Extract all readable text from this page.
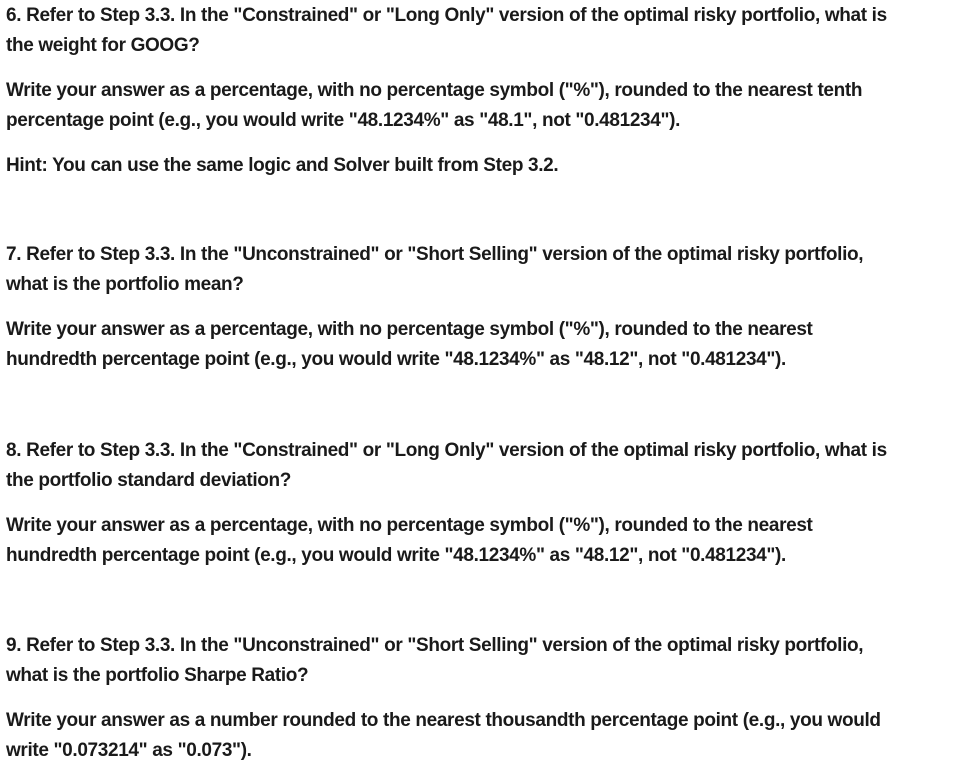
6. Refer to Step 3.3. In the "Constrained" or "Long Only" version of the optimal risky portfolio, what is

the weight for GOOG?

Write your answer as a percentage, with no percentage symbol ("%"), rounded to the nearest tenth

percentage point (e.g., you would write "48.1234%" as "48.1", not "0.481234").

Hint: You can use the same logic and Solver built from Step 3.2.

7. Refer to Step 3.3. In the "Unconstrained" or "Short Selling" version of the optimal risky portfolio,

what is the portfolio mean?

Write your answer as a percentage, with no percentage symbol ("%"), rounded to the nearest

hundredth percentage point (e.g., you would write "48.1234%" as "48.12", not "0.481234").

8. Refer to Step 3.3. In the "Constrained" or "Long Only" version of the optimal risky portfolio, what is

the portfolio standard deviation?

Write your answer as a percentage, with no percentage symbol ("%"), rounded to the nearest

hundredth percentage point (e.g., you would write "48.1234%" as "48.12", not "0.481234").

9. Refer to Step 3.3. In the "Unconstrained" or "Short Selling" version of the optimal risky portfolio,

what is the portfolio Sharpe Ratio?

Write your answer as a number rounded to the nearest thousandth percentage point (e.g., you would

write "0.073214" as "0.073").
